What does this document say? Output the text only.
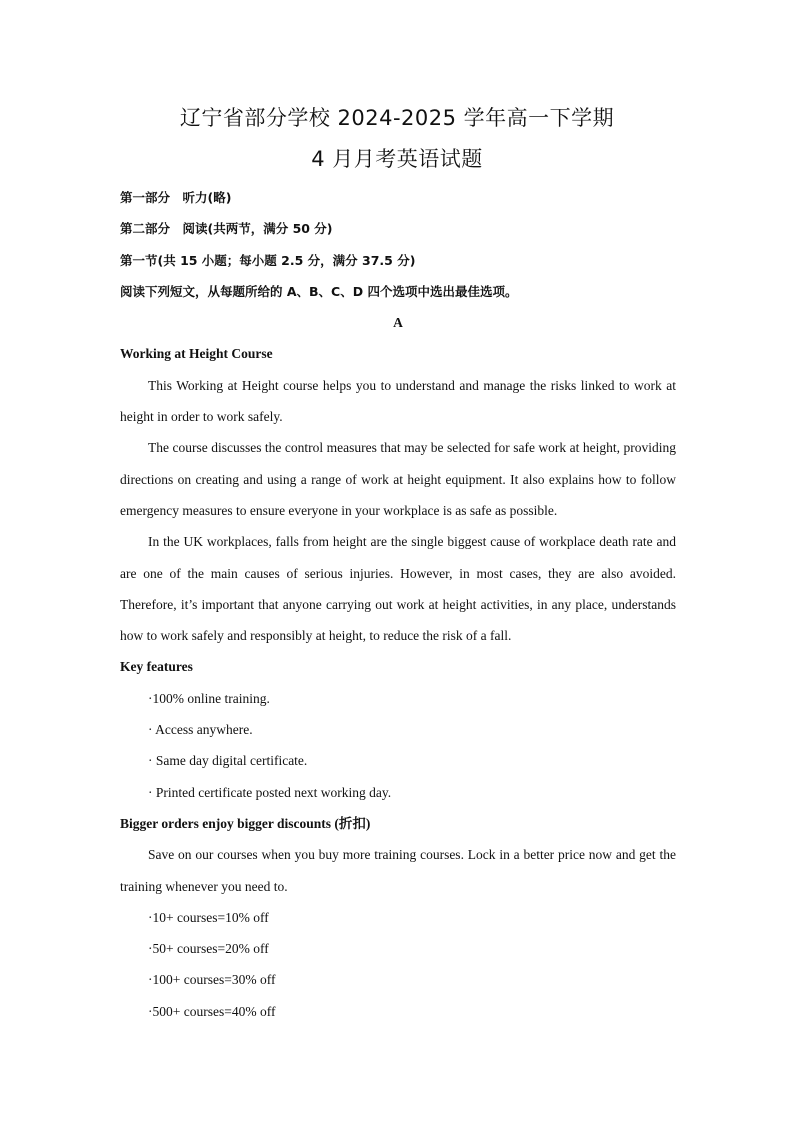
辽宁省部分学校 2024-2025 学年高一下学期
4 月月考英语试题
第一部分　听力(略)
第二部分　阅读(共两节，满分 50 分)
第一节(共 15 小题；每小题 2.5 分，满分 37.5 分)
阅读下列短文，从每题所给的 A、B、C、D 四个选项中选出最佳选项。
A
Working at Height Course
This Working at Height course helps you to understand and manage the risks linked to work at height in order to work safely.
The course discusses the control measures that may be selected for safe work at height, providing directions on creating and using a range of work at height equipment. It also explains how to follow emergency measures to ensure everyone in your workplace is as safe as possible.
In the UK workplaces, falls from height are the single biggest cause of workplace death rate and are one of the main causes of serious injuries. However, in most cases, they are also avoided. Therefore, it’s important that anyone carrying out work at height activities, in any place, understands how to work safely and responsibly at height, to reduce the risk of a fall.
Key features
·100% online training.
· Access anywhere.
· Same day digital certificate.
· Printed certificate posted next working day.
Bigger orders enjoy bigger discounts (折扣)
Save on our courses when you buy more training courses. Lock in a better price now and get the training whenever you need to.
·10+ courses=10% off
·50+ courses=20% off
·100+ courses=30% off
·500+ courses=40% off
